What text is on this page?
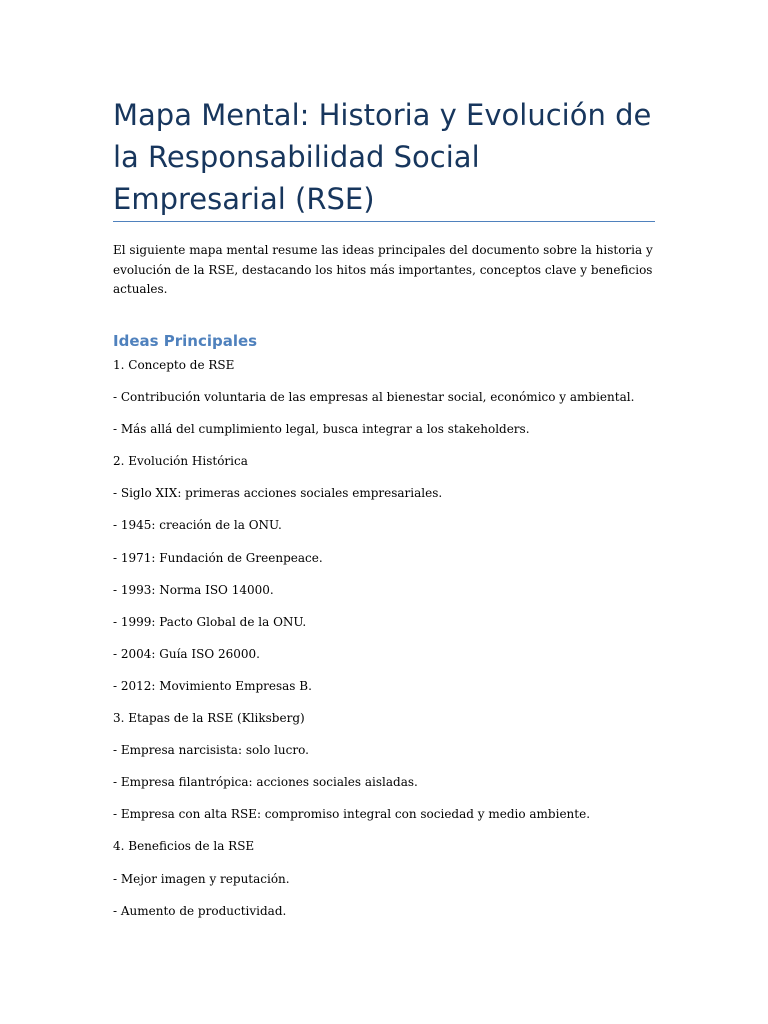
Mapa Mental: Historia y Evolución de la Responsabilidad Social Empresarial (RSE)

El siguiente mapa mental resume las ideas principales del documento sobre la historia y evolución de la RSE, destacando los hitos más importantes, conceptos clave y beneficios actuales.

Ideas Principales
1. Concepto de RSE
- Contribución voluntaria de las empresas al bienestar social, económico y ambiental.
- Más allá del cumplimiento legal, busca integrar a los stakeholders.
2. Evolución Histórica
- Siglo XIX: primeras acciones sociales empresariales.
- 1945: creación de la ONU.
- 1971: Fundación de Greenpeace.
- 1993: Norma ISO 14000.
- 1999: Pacto Global de la ONU.
- 2004: Guía ISO 26000.
- 2012: Movimiento Empresas B.
3. Etapas de la RSE (Kliksberg)
- Empresa narcisista: solo lucro.
- Empresa filantrópica: acciones sociales aisladas.
- Empresa con alta RSE: compromiso integral con sociedad y medio ambiente.
4. Beneficios de la RSE
- Mejor imagen y reputación.
- Aumento de productividad.
